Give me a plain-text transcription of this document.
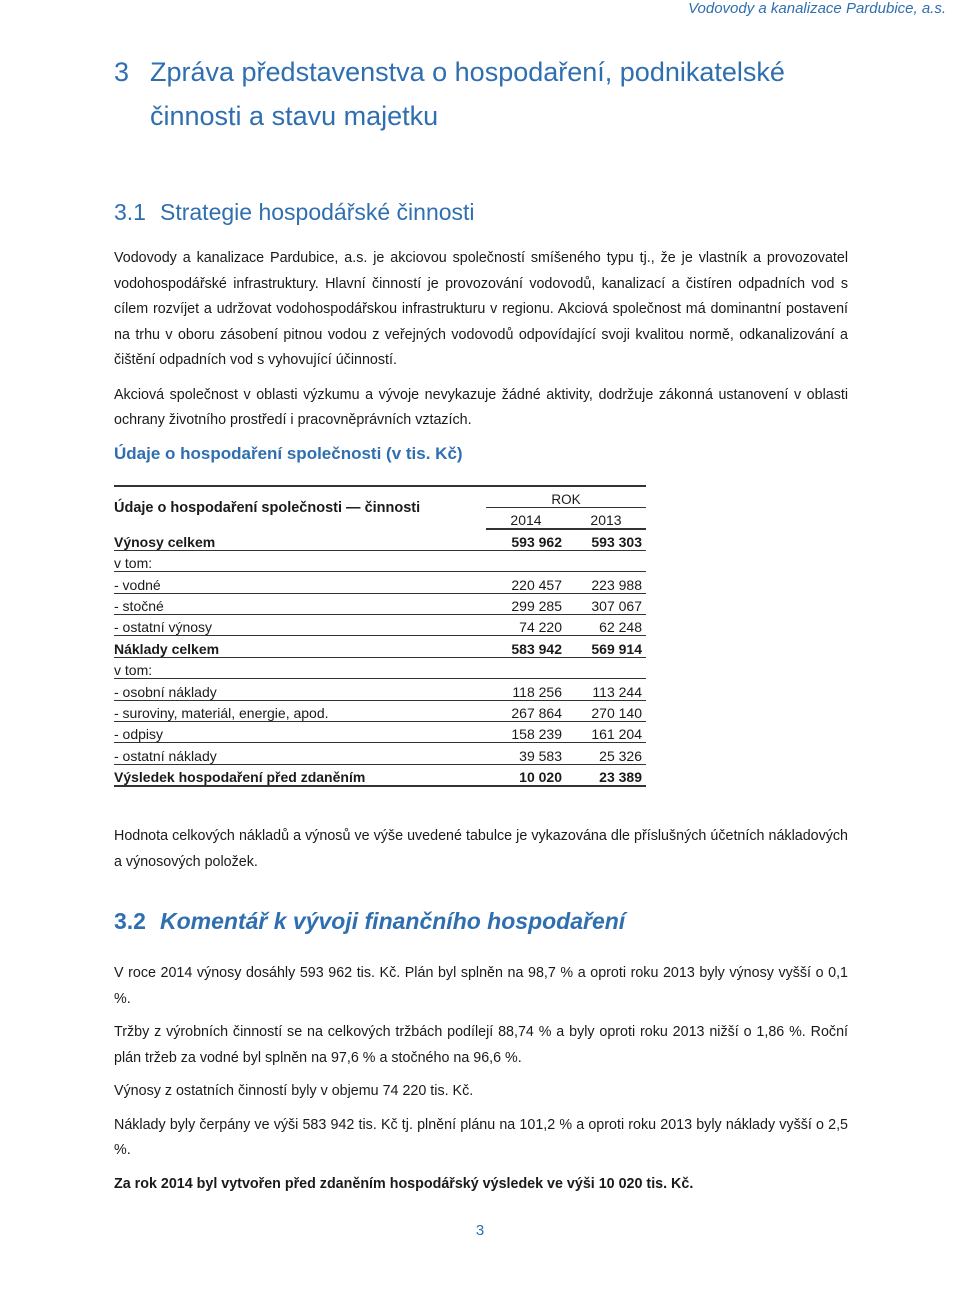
Vodovody a kanalizace Pardubice, a.s.
3 Zpráva představenstva o hospodaření, podnikatelské
činnosti a stavu majetku
3.1 Strategie hospodářské činnosti

Vodovody a kanalizace Pardubice, a.s. je akciovou společností smíšeného typu tj., že je vlastník a provozovatel vodohospodářské infrastruktury. Hlavní činností je provozování vodovodů, kanalizací a čistíren odpadních vod s cílem rozvíjet a udržovat vodohospodářskou infrastrukturu v regionu. Akciová společnost má dominantní postavení na trhu v oboru zásobení pitnou vodou z veřejných vodovodů odpovídající svoji kvalitou normě, odkanalizování a čištění odpadních vod s vyhovující účinností.

Akciová společnost v oblasti výzkumu a vývoje nevykazuje žádné aktivity, dodržuje zákonná ustanovení v oblasti ochrany životního prostředí i pracovněprávních vztazích.

Údaje o hospodaření společnosti (v tis. Kč)
Údaje o hospodaření společnosti — činnosti	ROK	
	2014	2013
Výnosy celkem	593 962	593 303
v tom:		
- vodné	220 457	223 988
- stočné	299 285	307 067
- ostatní výnosy	74 220	62 248
Náklady celkem	583 942	569 914
v tom:		
- osobní náklady	118 256	113 244
- suroviny, materiál, energie, apod.	267 864	270 140
- odpisy	158 239	161 204
- ostatní náklady	39 583	25 326
Výsledek hospodaření před zdaněním	10 020	23 389

Hodnota celkových nákladů a výnosů ve výše uvedené tabulce je vykazována dle příslušných účetních nákladových a výnosových položek.

3.2 Komentář k vývoji finančního hospodaření

V roce 2014 výnosy dosáhly 593 962 tis. Kč. Plán byl splněn na 98,7 % a oproti roku 2013 byly výnosy vyšší o 0,1 %.

Tržby z výrobních činností se na celkových tržbách podílejí 88,74 % a byly oproti roku 2013 nižší o 1,86 %. Roční plán tržeb za vodné byl splněn na 97,6 % a stočného na 96,6 %.

Výnosy z ostatních činností byly v objemu 74 220 tis. Kč.

Náklady byly čerpány ve výši 583 942 tis. Kč tj. plnění plánu na 101,2 % a oproti roku 2013 byly náklady vyšší o 2,5 %.

Za rok 2014 byl vytvořen před zdaněním hospodářský výsledek ve výši 10 020 tis. Kč.

3
